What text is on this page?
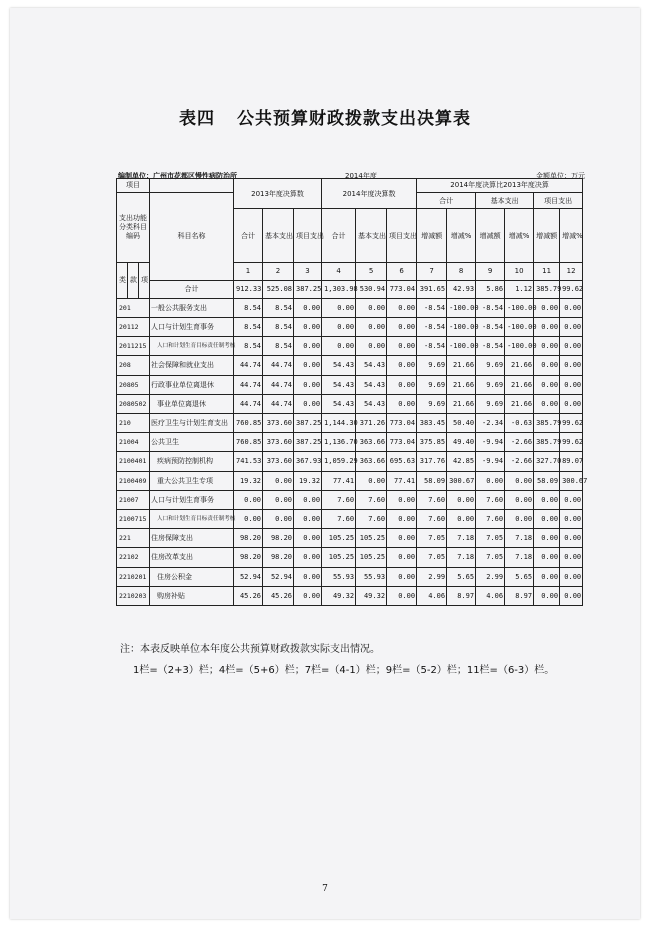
表四 公共预算财政拨款支出决算表
编制单位：广州市花都区慢性病防治所	2014年度	金额单位：万元
项目				2013年度决算数			2014年度决算数			2014年度决算比2013年度决算					
支出功能分类科目编码			科目名称							合计		基本支出		项目支出	
				合计	基本支出	项目支出	合计	基本支出	项目支出	增减额	增减%	增减额	增减%	增减额	增减%
类	款	项		1	2	3	4	5	6	7	8	9	10	11	12
			合计	912.33	525.08	387.25	1,303.98	530.94	773.04	391.65	42.93	5.86	1.12	385.79	99.62
201			一般公共服务支出	8.54	8.54	0.00	0.00	0.00	0.00	-8.54	-100.00	-8.54	-100.00	0.00	0.00
20112			人口与计划生育事务	8.54	8.54	0.00	0.00	0.00	0.00	-8.54	-100.00	-8.54	-100.00	0.00	0.00
2011215			人口和计划生育目标责任制考核	8.54	8.54	0.00	0.00	0.00	0.00	-8.54	-100.00	-8.54	-100.00	0.00	0.00
208			社会保障和就业支出	44.74	44.74	0.00	54.43	54.43	0.00	9.69	21.66	9.69	21.66	0.00	0.00
20805			行政事业单位离退休	44.74	44.74	0.00	54.43	54.43	0.00	9.69	21.66	9.69	21.66	0.00	0.00
2080502			事业单位离退休	44.74	44.74	0.00	54.43	54.43	0.00	9.69	21.66	9.69	21.66	0.00	0.00
210			医疗卫生与计划生育支出	760.85	373.60	387.25	1,144.30	371.26	773.04	383.45	50.40	-2.34	-0.63	385.79	99.62
21004			公共卫生	760.85	373.60	387.25	1,136.70	363.66	773.04	375.85	49.40	-9.94	-2.66	385.79	99.62
2100401			疾病预防控制机构	741.53	373.60	367.93	1,059.29	363.66	695.63	317.76	42.85	-9.94	-2.66	327.70	89.07
2100409			重大公共卫生专项	19.32	0.00	19.32	77.41	0.00	77.41	58.09	300.67	0.00	0.00	58.09	300.67
21007			人口与计划生育事务	0.00	0.00	0.00	7.60	7.60	0.00	7.60	0.00	7.60	0.00	0.00	0.00
2100715			人口和计划生育目标责任制考核	0.00	0.00	0.00	7.60	7.60	0.00	7.60	0.00	7.60	0.00	0.00	0.00
221			住房保障支出	98.20	98.20	0.00	105.25	105.25	0.00	7.05	7.18	7.05	7.18	0.00	0.00
22102			住房改革支出	98.20	98.20	0.00	105.25	105.25	0.00	7.05	7.18	7.05	7.18	0.00	0.00
2210201			住房公积金	52.94	52.94	0.00	55.93	55.93	0.00	2.99	5.65	2.99	5.65	0.00	0.00
2210203			购房补贴	45.26	45.26	0.00	49.32	49.32	0.00	4.06	8.97	4.06	8.97	0.00	0.00
注：本表反映单位本年度公共预算财政拨款实际支出情况。
1栏=（2+3）栏；4栏=（5+6）栏；7栏=（4-1）栏；9栏=（5-2）栏；11栏=（6-3）栏。
7
